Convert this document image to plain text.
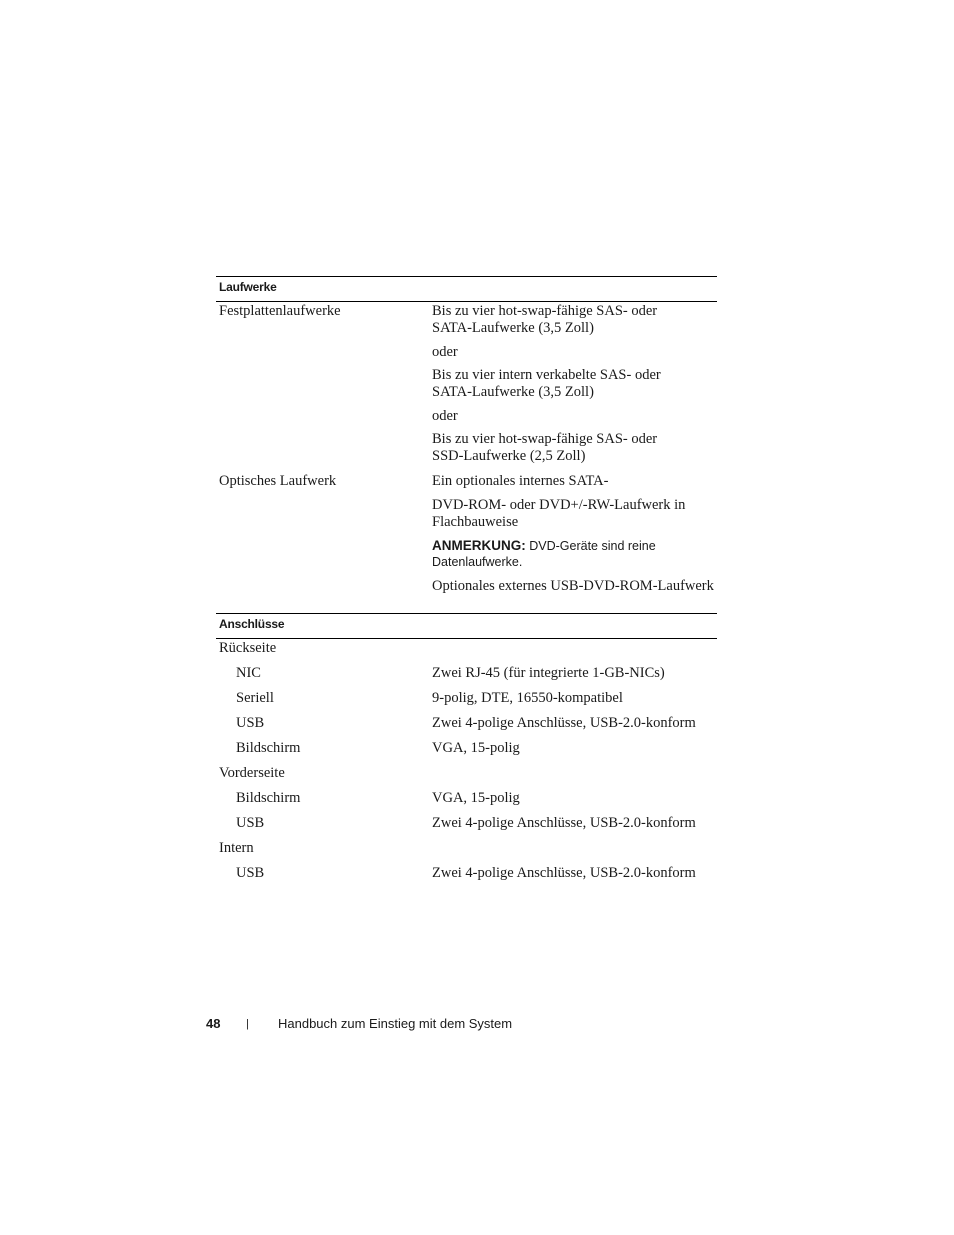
Laufwerke
Festplattenlaufwerke	Bis zu vier hot-swap-fähige SAS- oder
SATA-Laufwerke (3,5 Zoll)
oder
Bis zu vier intern verkabelte SAS- oder
SATA-Laufwerke (3,5 Zoll)
oder
Bis zu vier hot-swap-fähige SAS- oder
SSD-Laufwerke (2,5 Zoll)
Optisches Laufwerk	Ein optionales internes SATA-
DVD-ROM- oder DVD+/-RW-Laufwerk in
Flachbauweise
ANMERKUNG: DVD-Geräte sind reine
Datenlaufwerke.
Optionales externes USB-DVD-ROM-Laufwerk
Anschlüsse
Rückseite
NIC	Zwei RJ-45 (für integrierte 1-GB-NICs)
Seriell	9-polig, DTE, 16550-kompatibel
USB	Zwei 4-polige Anschlüsse, USB-2.0-konform
Bildschirm	VGA, 15-polig
Vorderseite
Bildschirm	VGA, 15-polig
USB	Zwei 4-polige Anschlüsse, USB-2.0-konform
Intern
USB	Zwei 4-polige Anschlüsse, USB-2.0-konform
48 | Handbuch zum Einstieg mit dem System
